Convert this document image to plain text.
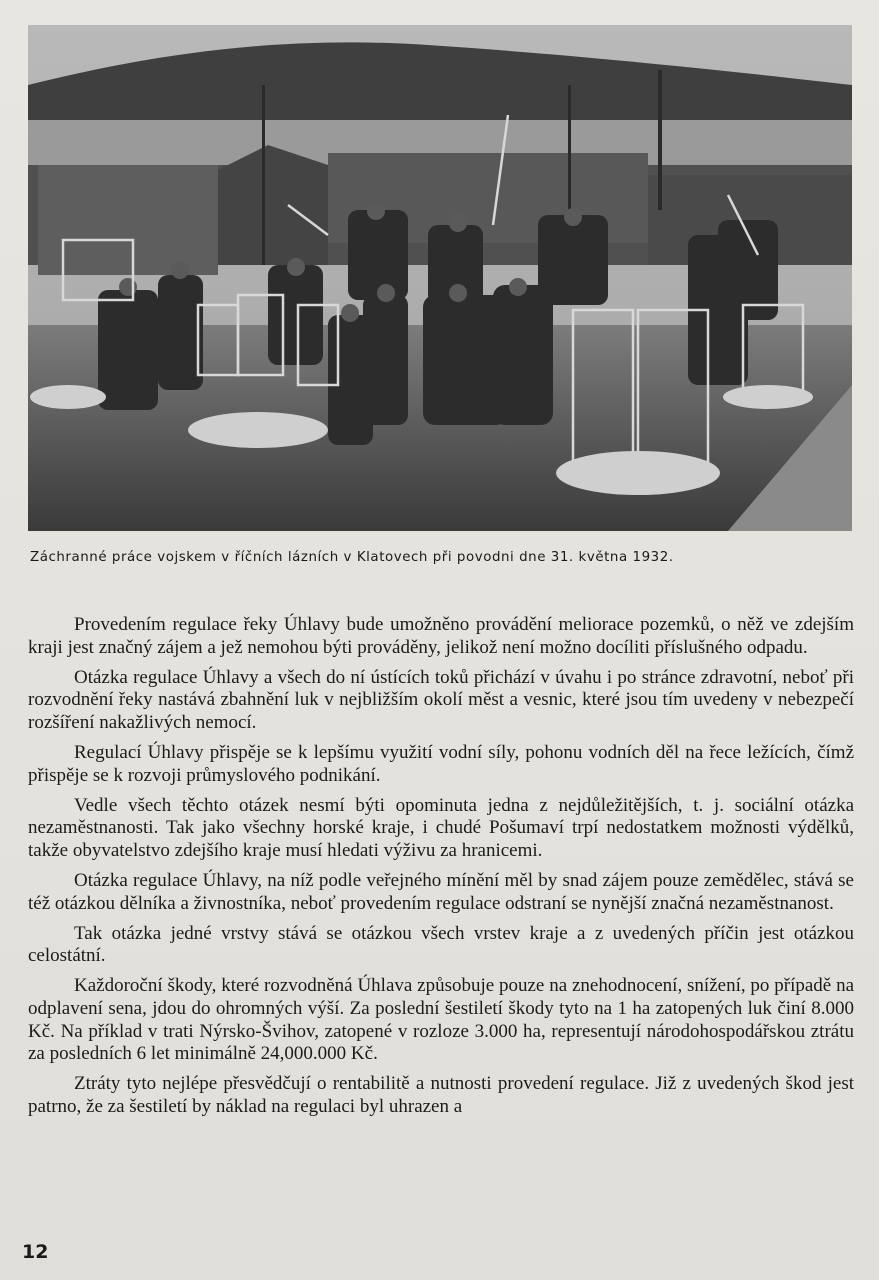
Záchranné práce vojskem v říčních lázních v Klatovech při povodni dne 31. května 1932.

Provedením regulace řeky Úhlavy bude umožněno provádění meliorace pozemků, o něž ve zdejším kraji jest značný zájem a jež nemohou býti prováděny, jelikož není možno docíliti příslušného odpadu.

Otázka regulace Úhlavy a všech do ní ústících toků přichází v úvahu i po stránce zdravotní, neboť při rozvodnění řeky nastává zbahnění luk v nejbližším okolí měst a vesnic, které jsou tím uvedeny v nebezpečí rozšíření nakažlivých nemocí.

Regulací Úhlavy přispěje se k lepšímu využití vodní síly, pohonu vodních děl na řece ležících, čímž přispěje se k rozvoji průmyslového podnikání.

Vedle všech těchto otázek nesmí býti opominuta jedna z nejdůležitějších, t. j. sociální otázka nezaměstnanosti. Tak jako všechny horské kraje, i chudé Pošumaví trpí nedostatkem možnosti výdělků, takže obyvatelstvo zdejšího kraje musí hledati výživu za hranicemi.

Otázka regulace Úhlavy, na níž podle veřejného mínění měl by snad zájem pouze zemědělec, stává se též otázkou dělníka a živnostníka, neboť provedením regulace odstraní se nynější značná nezaměstnanost.

Tak otázka jedné vrstvy stává se otázkou všech vrstev kraje a z uvedených příčin jest otázkou celostátní.

Každoroční škody, které rozvodněná Úhlava způsobuje pouze na znehodnocení, snížení, po případě na odplavení sena, jdou do ohromných výší. Za poslední šestiletí škody tyto na 1 ha zatopených luk činí 8.000 Kč. Na příklad v trati Nýrsko-Švihov, zatopené v rozloze 3.000 ha, representují národohospodářskou ztrátu za posledních 6 let minimálně 24,000.000 Kč.

Ztráty tyto nejlépe přesvědčují o rentabilitě a nutnosti provedení regulace. Již z uvedených škod jest patrno, že za šestiletí by náklad na regulaci byl uhrazen a

12
